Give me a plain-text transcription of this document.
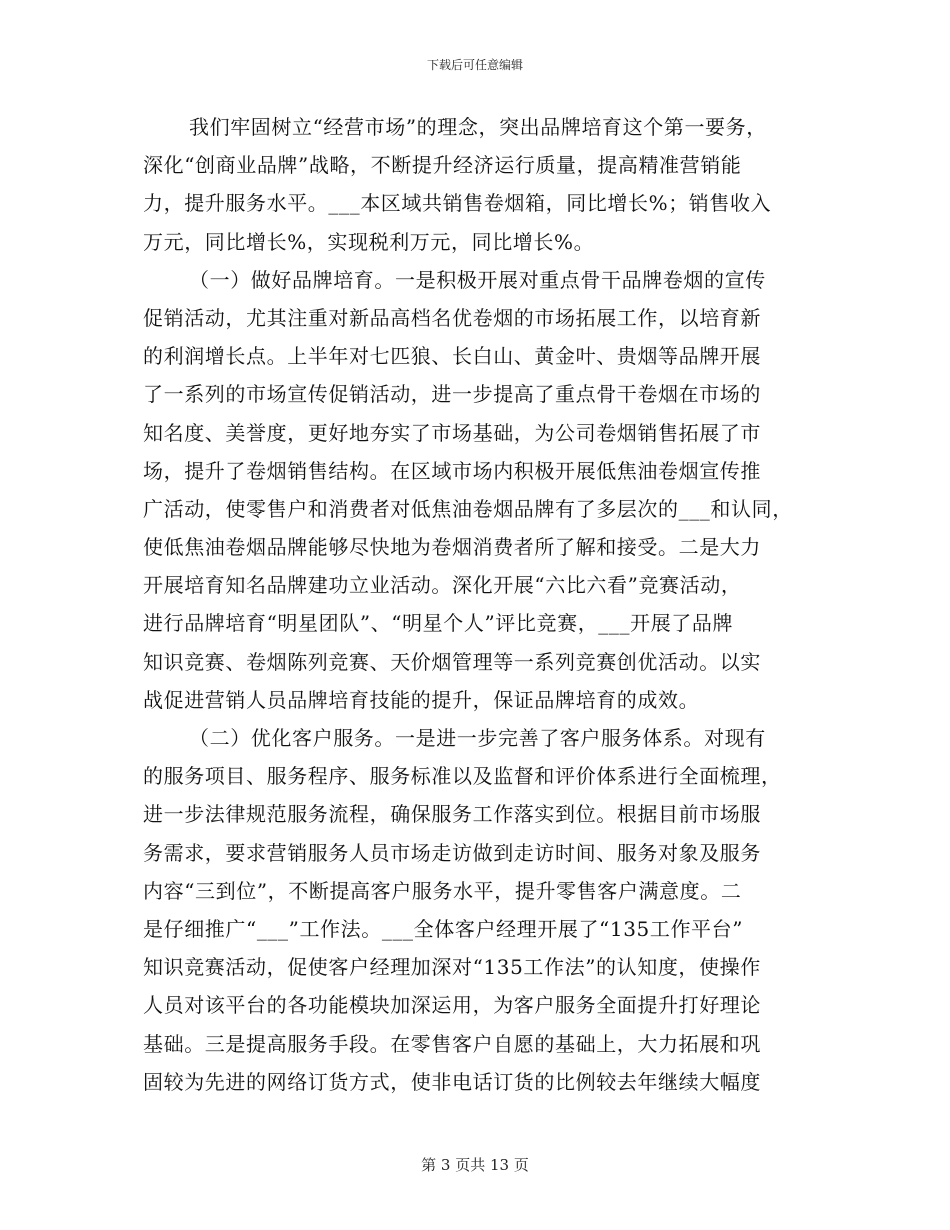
下载后可任意编辑
我们牢固树立“经营市场”的理念，突出品牌培育这个第一要务，
深化“创商业品牌”战略，不断提升经济运行质量，提高精准营销能
力，提升服务水平。___本区域共销售卷烟箱，同比增长%；销售收入
万元，同比增长%，实现税利万元，同比增长%。
（一）做好品牌培育。一是积极开展对重点骨干品牌卷烟的宣传
促销活动，尤其注重对新品高档名优卷烟的市场拓展工作，以培育新
的利润增长点。上半年对七匹狼、长白山、黄金叶、贵烟等品牌开展
了一系列的市场宣传促销活动，进一步提高了重点骨干卷烟在市场的
知名度、美誉度，更好地夯实了市场基础，为公司卷烟销售拓展了市
场，提升了卷烟销售结构。在区域市场内积极开展低焦油卷烟宣传推
广活动，使零售户和消费者对低焦油卷烟品牌有了多层次的___和认同，
使低焦油卷烟品牌能够尽快地为卷烟消费者所了解和接受。二是大力
开展培育知名品牌建功立业活动。深化开展“六比六看”竞赛活动，
进行品牌培育“明星团队”、“明星个人”评比竞赛，___开展了品牌
知识竞赛、卷烟陈列竞赛、天价烟管理等一系列竞赛创优活动。以实
战促进营销人员品牌培育技能的提升，保证品牌培育的成效。
（二）优化客户服务。一是进一步完善了客户服务体系。对现有
的服务项目、服务程序、服务标准以及监督和评价体系进行全面梳理，
进一步法律规范服务流程，确保服务工作落实到位。根据目前市场服
务需求，要求营销服务人员市场走访做到走访时间、服务对象及服务
内容“三到位”，不断提高客户服务水平，提升零售客户满意度。二
是仔细推广“___”工作法。___全体客户经理开展了“135工作平台”
知识竞赛活动，促使客户经理加深对“135工作法”的认知度，使操作
人员对该平台的各功能模块加深运用，为客户服务全面提升打好理论
基础。三是提高服务手段。在零售客户自愿的基础上，大力拓展和巩
固较为先进的网络订货方式，使非电话订货的比例较去年继续大幅度
第 3 页共 13 页
